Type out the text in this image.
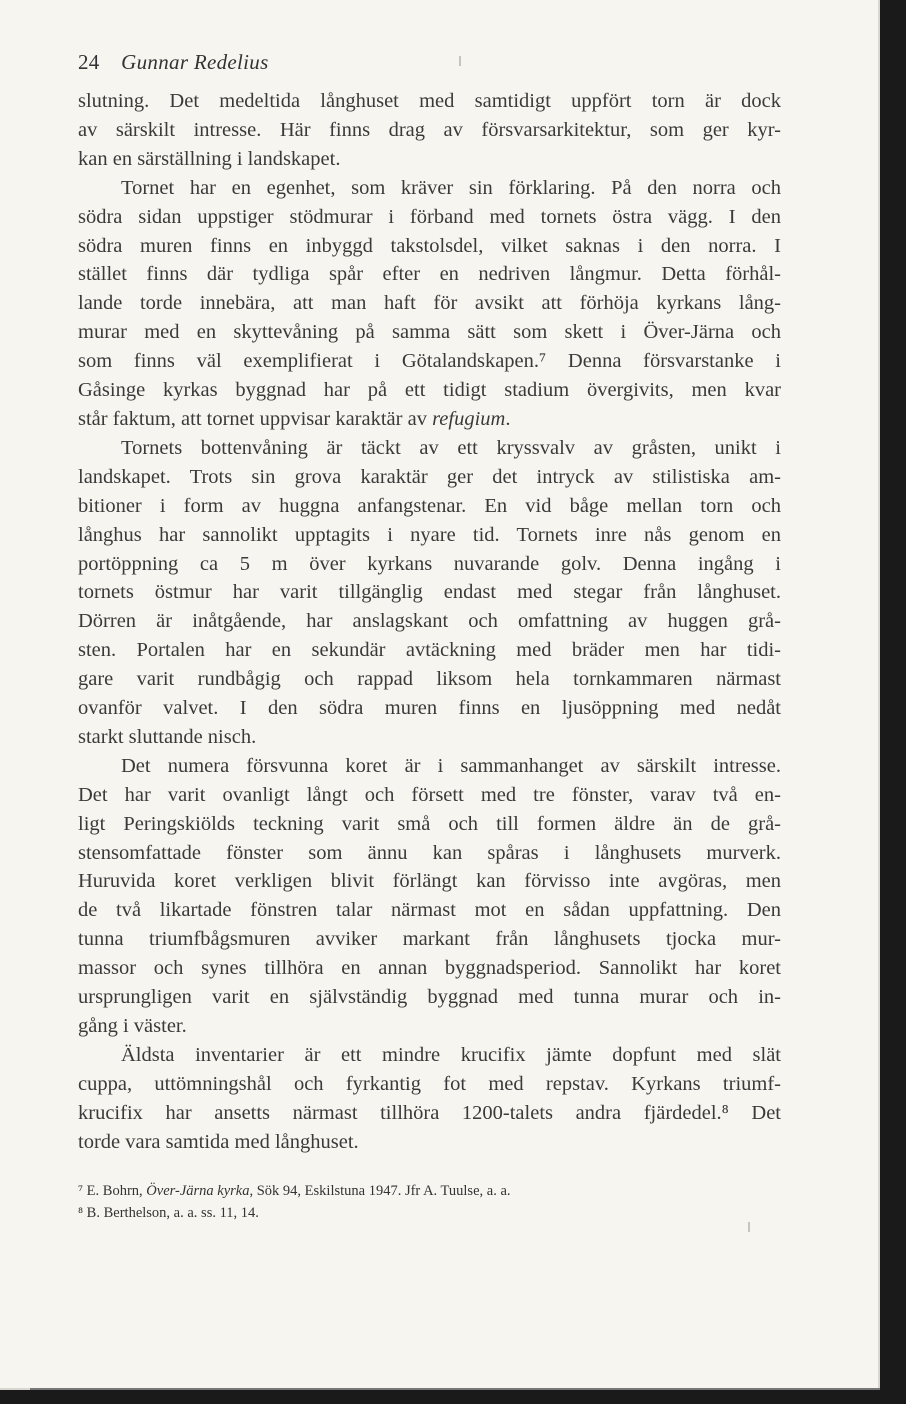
24 Gunnar Redelius
slutning. Det medeltida långhuset med samtidigt uppfört torn är dock
av särskilt intresse. Här finns drag av försvarsarkitektur, som ger kyr-
kan en särställning i landskapet.
Tornet har en egenhet, som kräver sin förklaring. På den norra och
södra sidan uppstiger stödmurar i förband med tornets östra vägg. I den
södra muren finns en inbyggd takstolsdel, vilket saknas i den norra. I
stället finns där tydliga spår efter en nedriven långmur. Detta förhål-
lande torde innebära, att man haft för avsikt att förhöja kyrkans lång-
murar med en skyttevåning på samma sätt som skett i Över-Järna och
som finns väl exemplifierat i Götalandskapen.⁷ Denna försvarstanke i
Gåsinge kyrkas byggnad har på ett tidigt stadium övergivits, men kvar
står faktum, att tornet uppvisar karaktär av refugium.
Tornets bottenvåning är täckt av ett kryssvalv av gråsten, unikt i
landskapet. Trots sin grova karaktär ger det intryck av stilistiska am-
bitioner i form av huggna anfangstenar. En vid båge mellan torn och
långhus har sannolikt upptagits i nyare tid. Tornets inre nås genom en
portöppning ca 5 m över kyrkans nuvarande golv. Denna ingång i
tornets östmur har varit tillgänglig endast med stegar från långhuset.
Dörren är inåtgående, har anslagskant och omfattning av huggen grå-
sten. Portalen har en sekundär avtäckning med bräder men har tidi-
gare varit rundbågig och rappad liksom hela tornkammaren närmast
ovanför valvet. I den södra muren finns en ljusöppning med nedåt
starkt sluttande nisch.
Det numera försvunna koret är i sammanhanget av särskilt intresse.
Det har varit ovanligt långt och försett med tre fönster, varav två en-
ligt Peringskiölds teckning varit små och till formen äldre än de grå-
stensomfattade fönster som ännu kan spåras i långhusets murverk.
Huruvida koret verkligen blivit förlängt kan förvisso inte avgöras, men
de två likartade fönstren talar närmast mot en sådan uppfattning. Den
tunna triumfbågsmuren avviker markant från långhusets tjocka mur-
massor och synes tillhöra en annan byggnadsperiod. Sannolikt har koret
ursprungligen varit en självständig byggnad med tunna murar och in-
gång i väster.
Äldsta inventarier är ett mindre krucifix jämte dopfunt med slät
cuppa, uttömningshål och fyrkantig fot med repstav. Kyrkans triumf-
krucifix har ansetts närmast tillhöra 1200-talets andra fjärdedel.⁸ Det
torde vara samtida med långhuset.
⁷ E. Bohrn, Över-Järna kyrka, Sök 94, Eskilstuna 1947. Jfr A. Tuulse, a. a.
⁸ B. Berthelson, a. a. ss. 11, 14.
